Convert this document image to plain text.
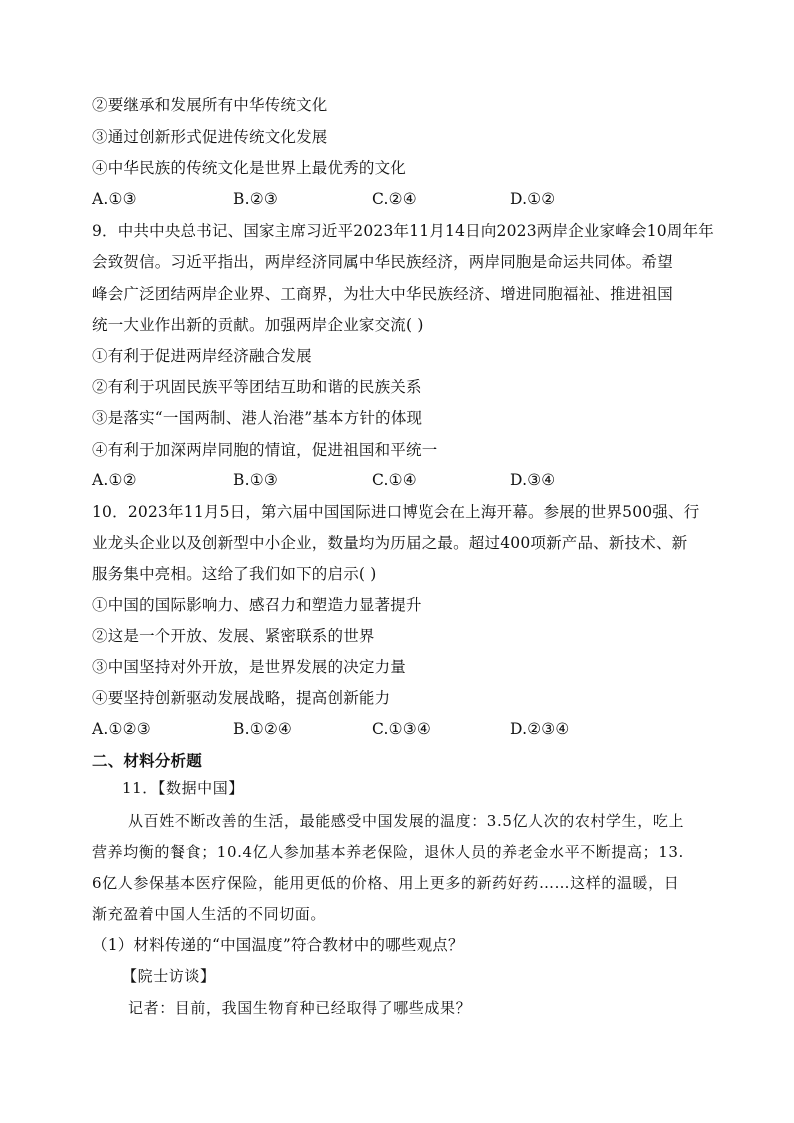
②要继承和发展所有中华传统文化
③通过创新形式促进传统文化发展
④中华民族的传统文化是世界上最优秀的文化
A.①③	B.②③	C.②④	D.①②
9．中共中央总书记、国家主席习近平2023年11月14日向2023两岸企业家峰会10周年年
会致贺信。习近平指出，两岸经济同属中华民族经济，两岸同胞是命运共同体。希望
峰会广泛团结两岸企业界、工商界，为壮大中华民族经济、增进同胞福祉、推进祖国
统一大业作出新的贡献。加强两岸企业家交流( )
①有利于促进两岸经济融合发展
②有利于巩固民族平等团结互助和谐的民族关系
③是落实“一国两制、港人治港”基本方针的体现
④有利于加深两岸同胞的情谊，促进祖国和平统一
A.①②	B.①③	C.①④	D.③④
10．2023年11月5日，第六届中国国际进口博览会在上海开幕。参展的世界500强、行
业龙头企业以及创新型中小企业，数量均为历届之最。超过400项新产品、新技术、新
服务集中亮相。这给了我们如下的启示( )
①中国的国际影响力、感召力和塑造力显著提升
②这是一个开放、发展、紧密联系的世界
③中国坚持对外开放，是世界发展的决定力量
④要坚持创新驱动发展战略，提高创新能力
A.①②③	B.①②④	C.①③④	D.②③④
二、材料分析题
11．【数据中国】
从百姓不断改善的生活，最能感受中国发展的温度：3.5亿人次的农村学生，吃上
营养均衡的餐食；10.4亿人参加基本养老保险，退休人员的养老金水平不断提高；13.
6亿人参保基本医疗保险，能用更低的价格、用上更多的新药好药……这样的温暖，日
渐充盈着中国人生活的不同切面。
（1）材料传递的“中国温度”符合教材中的哪些观点？
【院士访谈】
记者：目前，我国生物育种已经取得了哪些成果？
